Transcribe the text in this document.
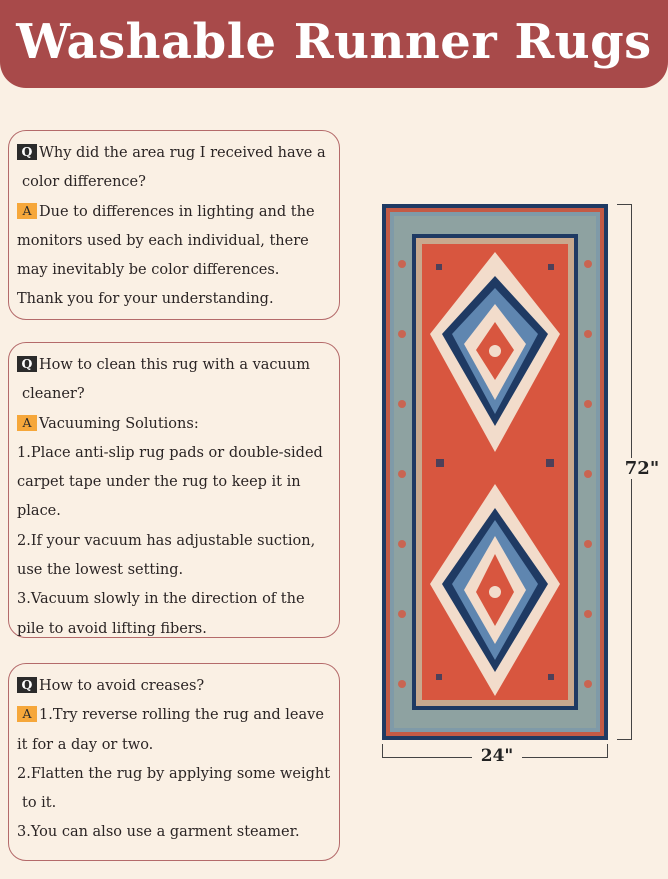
Washable Runner Rugs
Q Why did the area rug I received have a
color difference?
A Due to differences in lighting and the
monitors used by each individual, there
may inevitably be color differences.
Thank you for your understanding.
Q How to clean this rug with a vacuum
cleaner?
A Vacuuming Solutions:
1.Place anti-slip rug pads or double-sided
carpet tape under the rug to keep it in
place.
2.If your vacuum has adjustable suction,
use the lowest setting.
3.Vacuum slowly in the direction of the
pile to avoid lifting fibers.
Q How to avoid creases?
A 1.Try reverse rolling the rug and leave
it for a day or two.
2.Flatten the rug by applying some weight
to it.
3.You can also use a garment steamer.
72"
24"
